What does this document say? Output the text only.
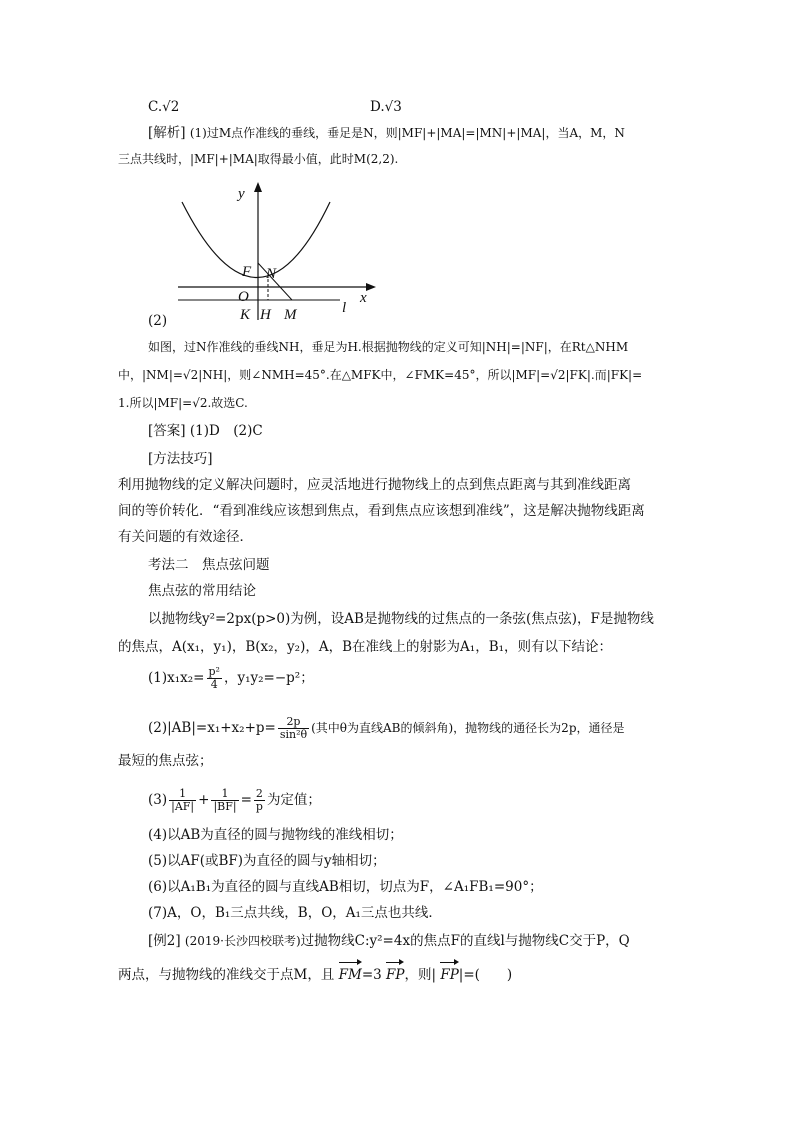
C.√2	D.√3
[解析] (1)过M点作准线的垂线，垂足是N，则|MF|+|MA|=|MN|+|MA|，当A，M，N
三点共线时，|MF|+|MA|取得最小值，此时M(2,2).
y
x
l
F N
O
K H M
(2)
如图，过N作准线的垂线NH，垂足为H.根据抛物线的定义可知|NH|=|NF|，在Rt△NHM
中，|NM|=√2|NH|，则∠NMH=45°.在△MFK中，∠FMK=45°，所以|MF|=√2|FK|.而|FK|=
1.所以|MF|=√2.故选C.
[答案] (1)D　(2)C
[方法技巧]
利用抛物线的定义解决问题时，应灵活地进行抛物线上的点到焦点距离与其到准线距离
间的等价转化．“看到准线应该想到焦点，看到焦点应该想到准线”，这是解决抛物线距离
有关问题的有效途径．
考法二　焦点弦问题
焦点弦的常用结论
以抛物线y²=2px(p>0)为例，设AB是抛物线的过焦点的一条弦(焦点弦)，F是抛物线
的焦点，A(x₁，y₁)，B(x₂，y₂)，A，B在准线上的射影为A₁，B₁，则有以下结论：
$(1)x_1x_2= \frac{\text{p²}}{4}$ ，y₁y₂=−p²；
$(2)|AB|=x_1+x_2+p= \frac{2p}{\text{sin²θ}}$ (其中θ为直线AB的倾斜角)，抛物线的通径长为2p，通径是
最短的焦点弦；
$(3) \frac{1}{|AF|} + \frac{1}{|BF|} = \frac{2}{p}$ 为定值；
(4)以AB为直径的圆与抛物线的准线相切；
(5)以AF(或BF)为直径的圆与y轴相切；
(6)以A₁B₁为直径的圆与直线AB相切，切点为F，∠A₁FB₁=90°；
(7)A，O，B₁三点共线，B，O，A₁三点也共线．
[例2] (2019·长沙四校联考)过抛物线C:y²=4x的焦点F的直线l与抛物线C交于P，Q
两点，与抛物线的准线交于点M，且 FM=3 FP，则| FP|=(　　)
